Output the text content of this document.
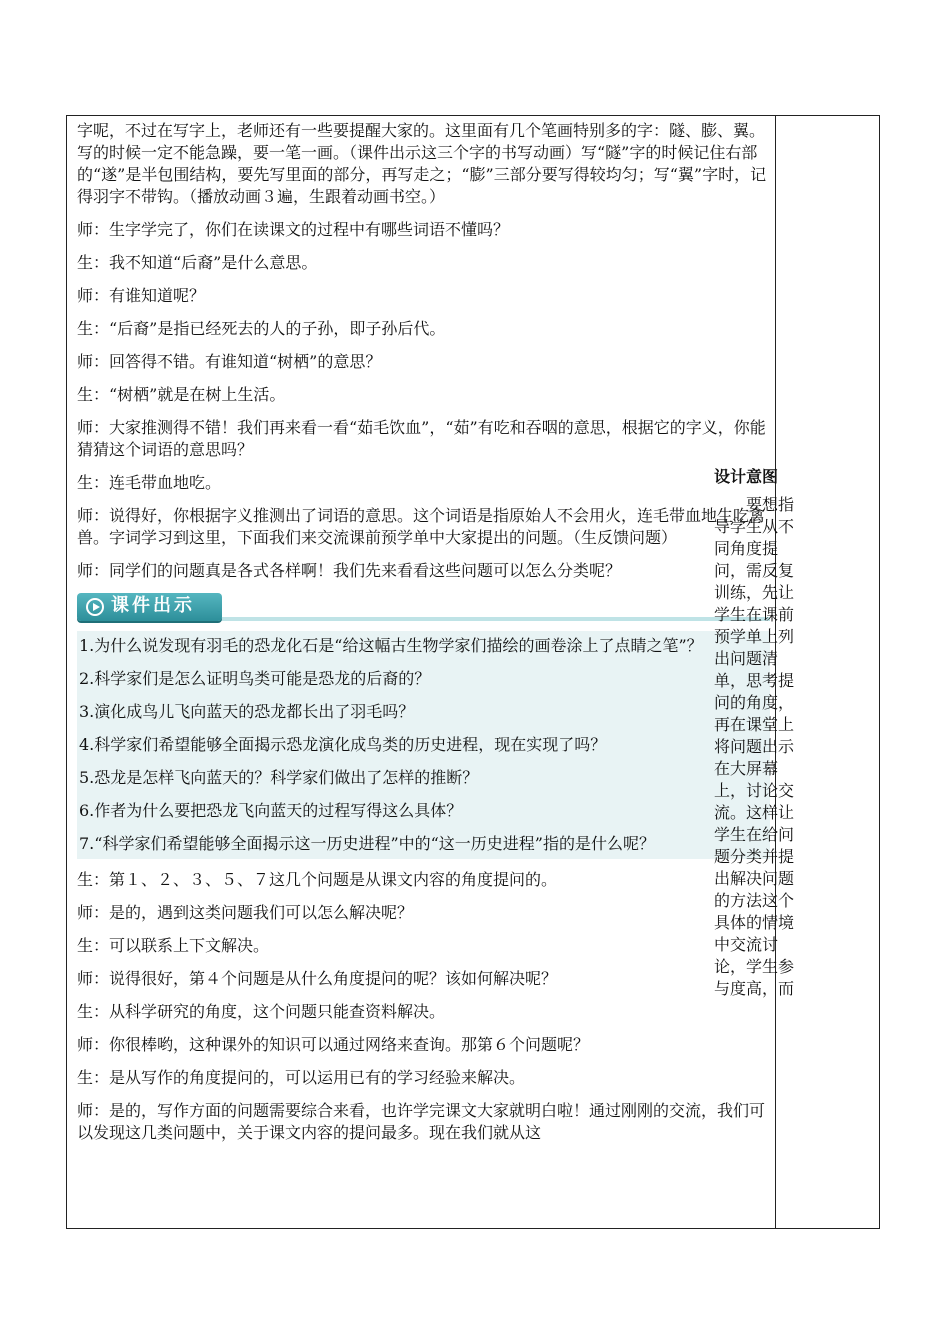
字呢，不过在写字上，老师还有一些要提醒大家的。这里面有几个笔画特别多的字：隧、膨、翼。写的时候一定不能急躁，要一笔一画。（课件出示这三个字的书写动画）写“隧”字的时候记住右部的“遂”是半包围结构，要先写里面的部分，再写走之；“膨”三部分要写得较均匀；写“翼”字时，记得羽字不带钩。（播放动画３遍，生跟着动画书空。）

师：生字学完了，你们在读课文的过程中有哪些词语不懂吗？

生：我不知道“后裔”是什么意思。

师：有谁知道呢？

生：“后裔”是指已经死去的人的子孙，即子孙后代。

师：回答得不错。有谁知道“树栖”的意思？

生：“树栖”就是在树上生活。

师：大家推测得不错！我们再来看一看“茹毛饮血”，“茹”有吃和吞咽的意思，根据它的字义，你能猜猜这个词语的意思吗？

生：连毛带血地吃。

师：说得好，你根据字义推测出了词语的意思。这个词语是指原始人不会用火，连毛带血地生吃禽兽。字词学习到这里，下面我们来交流课前预学单中大家提出的问题。（生反馈问题）

师：同学们的问题真是各式各样啊！我们先来看看这些问题可以怎么分类呢？

课件出示

1.为什么说发现有羽毛的恐龙化石是“给这幅古生物学家们描绘的画卷涂上了点睛之笔”？

2.科学家们是怎么证明鸟类可能是恐龙的后裔的？

3.演化成鸟儿飞向蓝天的恐龙都长出了羽毛吗？

4.科学家们希望能够全面揭示恐龙演化成鸟类的历史进程，现在实现了吗？

5.恐龙是怎样飞向蓝天的？科学家们做出了怎样的推断？

6.作者为什么要把恐龙飞向蓝天的过程写得这么具体？

7.“科学家们希望能够全面揭示这一历史进程”中的“这一历史进程”指的是什么呢？

生：第１、２、３、５、７这几个问题是从课文内容的角度提问的。

师：是的，遇到这类问题我们可以怎么解决呢？

生：可以联系上下文解决。

师：说得很好，第４个问题是从什么角度提问的呢？该如何解决呢？

生：从科学研究的角度，这个问题只能查资料解决。

师：你很棒哟，这种课外的知识可以通过网络来查询。那第６个问题呢？

生：是从写作的角度提问的，可以运用已有的学习经验来解决。

师：是的，写作方面的问题需要综合来看，也许学完课文大家就明白啦！通过刚刚的交流，我们可以发现这几类问题中，关于课文内容的提问最多。现在我们就从这

设计意图

要想指导学生从不同角度提问，需反复训练，先让学生在课前预学单上列出问题清单，思考提问的角度，再在课堂上将问题出示在大屏幕上，讨论交流。这样让学生在给问题分类并提出解决问题的方法这个具体的情境中交流讨论，学生参与度高，而
